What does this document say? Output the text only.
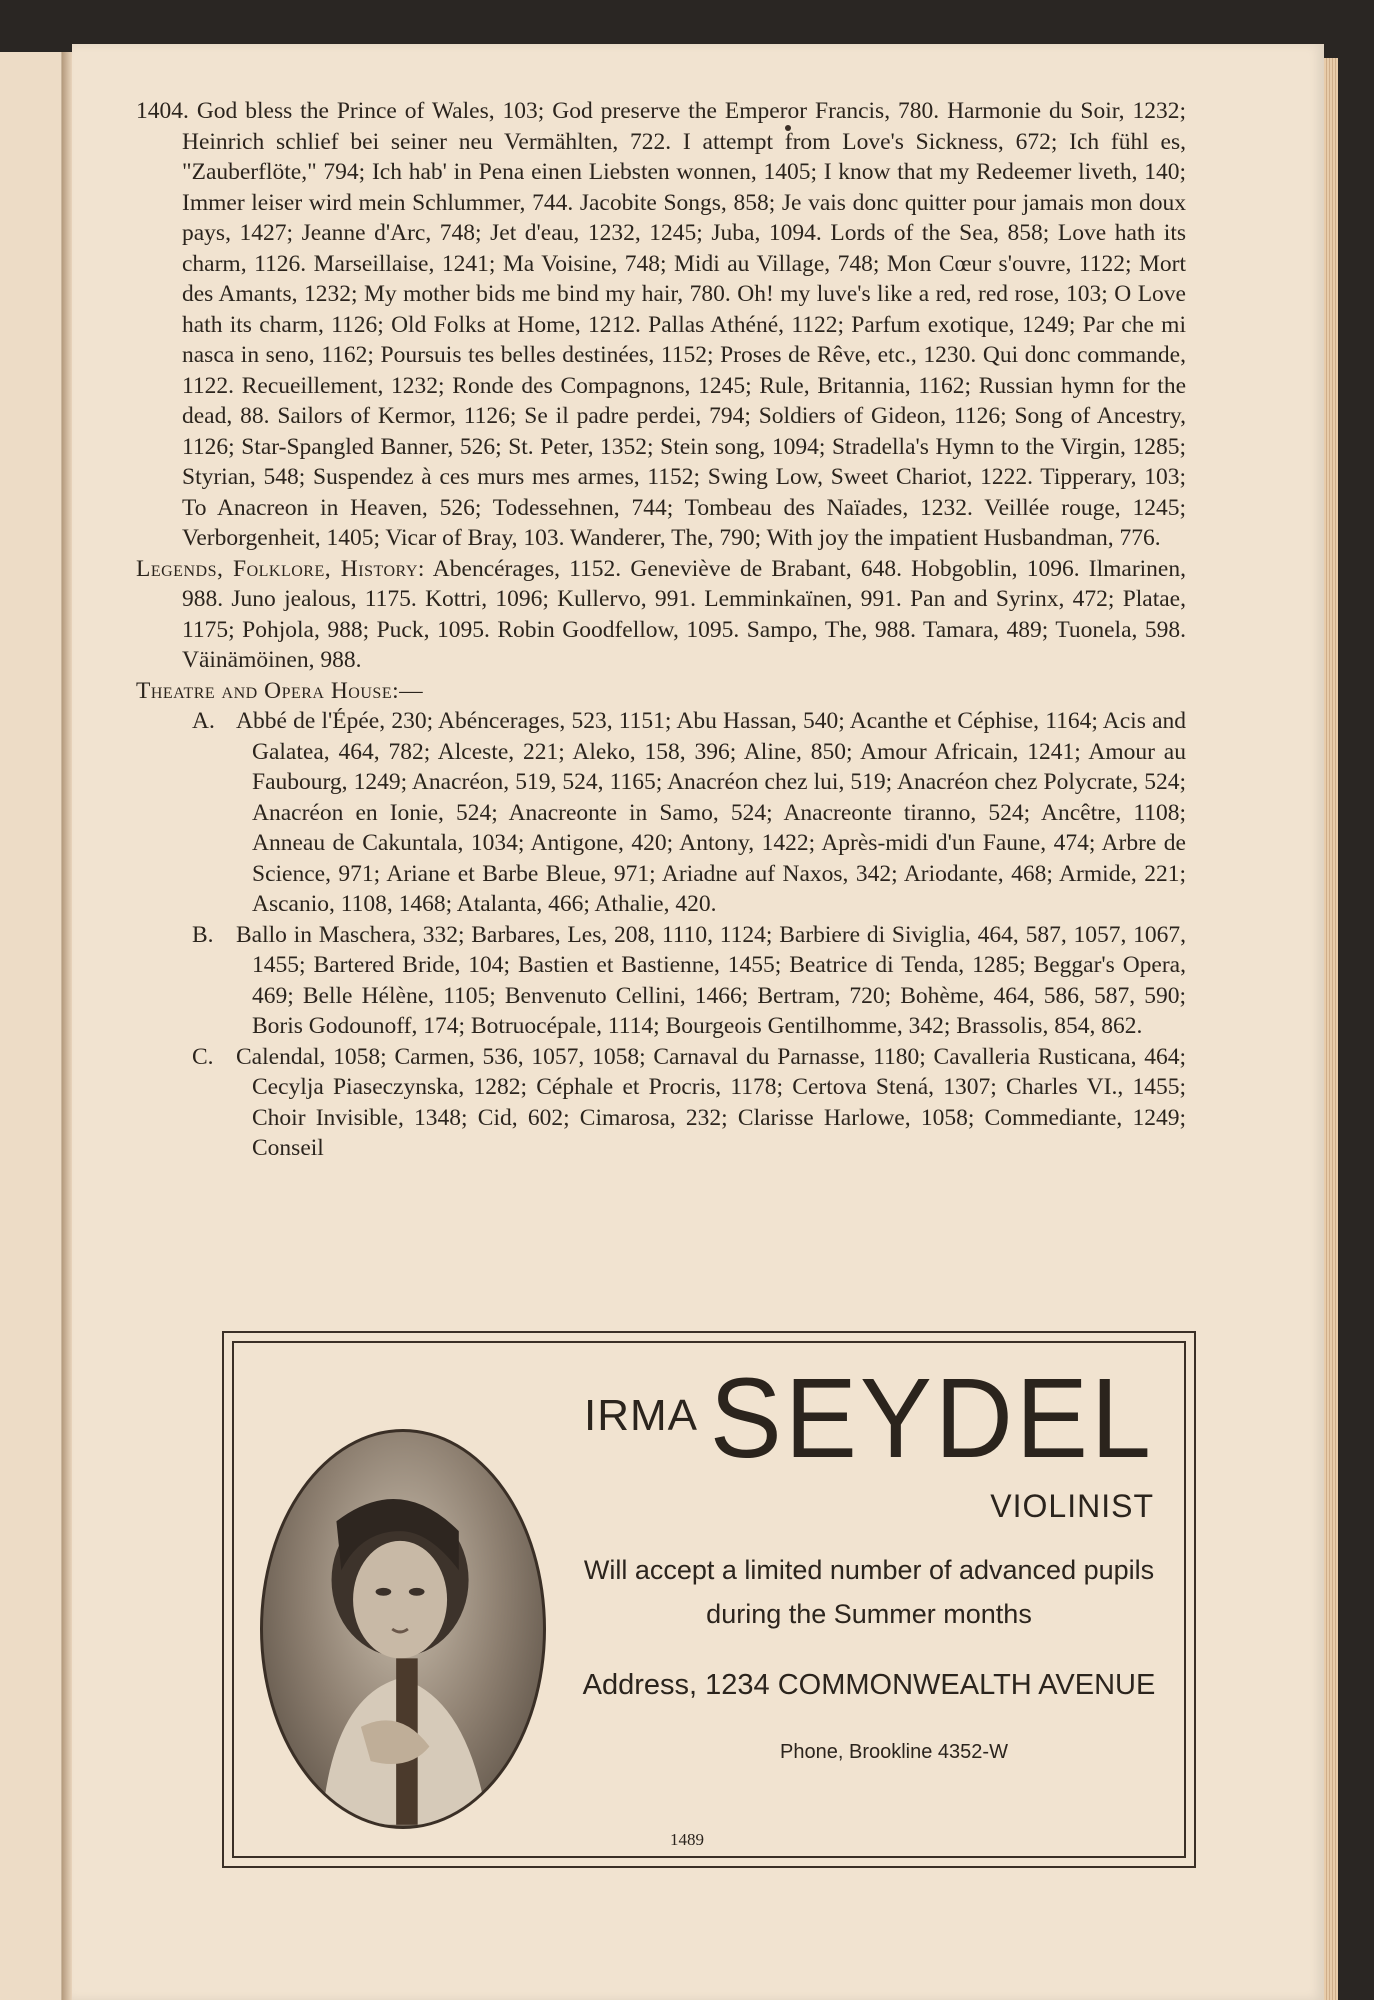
1404. God bless the Prince of Wales, 103; God preserve the Emperor Francis, 780. Harmonie du Soir, 1232; Heinrich schlief bei seiner neu Vermählten, 722. I attempt from Love's Sickness, 672; Ich fühl es, "Zauberflöte," 794; Ich hab' in Pena einen Liebsten wonnen, 1405; I know that my Redeemer liveth, 140; Immer leiser wird mein Schlummer, 744. Jacobite Songs, 858; Je vais donc quitter pour jamais mon doux pays, 1427; Jeanne d'Arc, 748; Jet d'eau, 1232, 1245; Juba, 1094. Lords of the Sea, 858; Love hath its charm, 1126. Marseillaise, 1241; Ma Voisine, 748; Midi au Village, 748; Mon Cœur s'ouvre, 1122; Mort des Amants, 1232; My mother bids me bind my hair, 780. Oh! my luve's like a red, red rose, 103; O Love hath its charm, 1126; Old Folks at Home, 1212. Pallas Athéné, 1122; Parfum exotique, 1249; Par che mi nasca in seno, 1162; Poursuis tes belles destinées, 1152; Proses de Rêve, etc., 1230. Qui donc commande, 1122. Recueillement, 1232; Ronde des Compagnons, 1245; Rule, Britannia, 1162; Russian hymn for the dead, 88. Sailors of Kermor, 1126; Se il padre perdei, 794; Soldiers of Gideon, 1126; Song of Ancestry, 1126; Star-Spangled Banner, 526; St. Peter, 1352; Stein song, 1094; Stradella's Hymn to the Virgin, 1285; Styrian, 548; Suspendez à ces murs mes armes, 1152; Swing Low, Sweet Chariot, 1222. Tipperary, 103; To Anacreon in Heaven, 526; Todessehnen, 744; Tombeau des Naïades, 1232. Veillée rouge, 1245; Verborgenheit, 1405; Vicar of Bray, 103. Wanderer, The, 790; With joy the impatient Husbandman, 776.

Legends, Folklore, History: Abencérages, 1152. Geneviève de Brabant, 648. Hobgoblin, 1096. Ilmarinen, 988. Juno jealous, 1175. Kottri, 1096; Kullervo, 991. Lemminkaïnen, 991. Pan and Syrinx, 472; Platae, 1175; Pohjola, 988; Puck, 1095. Robin Goodfellow, 1095. Sampo, The, 988. Tamara, 489; Tuonela, 598. Väinämöinen, 988.

Theatre and Opera House:—

A. Abbé de l'Épée, 230; Abéncerages, 523, 1151; Abu Hassan, 540; Acanthe et Céphise, 1164; Acis and Galatea, 464, 782; Alceste, 221; Aleko, 158, 396; Aline, 850; Amour Africain, 1241; Amour au Faubourg, 1249; Anacréon, 519, 524, 1165; Anacréon chez lui, 519; Anacréon chez Polycrate, 524; Anacréon en Ionie, 524; Anacreonte in Samo, 524; Anacreonte tiranno, 524; Ancêtre, 1108; Anneau de Cakuntala, 1034; Antigone, 420; Antony, 1422; Après-midi d'un Faune, 474; Arbre de Science, 971; Ariane et Barbe Bleue, 971; Ariadne auf Naxos, 342; Ariodante, 468; Armide, 221; Ascanio, 1108, 1468; Atalanta, 466; Athalie, 420.

B. Ballo in Maschera, 332; Barbares, Les, 208, 1110, 1124; Barbiere di Siviglia, 464, 587, 1057, 1067, 1455; Bartered Bride, 104; Bastien et Bastienne, 1455; Beatrice di Tenda, 1285; Beggar's Opera, 469; Belle Hélène, 1105; Benvenuto Cellini, 1466; Bertram, 720; Bohème, 464, 586, 587, 590; Boris Godounoff, 174; Botruocépale, 1114; Bourgeois Gentilhomme, 342; Brassolis, 854, 862.

C. Calendal, 1058; Carmen, 536, 1057, 1058; Carnaval du Parnasse, 1180; Cavalleria Rusticana, 464; Cecylja Piaseczynska, 1282; Céphale et Procris, 1178; Certova Stená, 1307; Charles VI., 1455; Choir Invisible, 1348; Cid, 602; Cimarosa, 232; Clarisse Harlowe, 1058; Commediante, 1249; Conseil

IRMA SEYDEL
VIOLINIST
Will accept a limited number of advanced pupils
during the Summer months
Address, 1234 COMMONWEALTH AVENUE
Phone, Brookline 4352-W
1489
